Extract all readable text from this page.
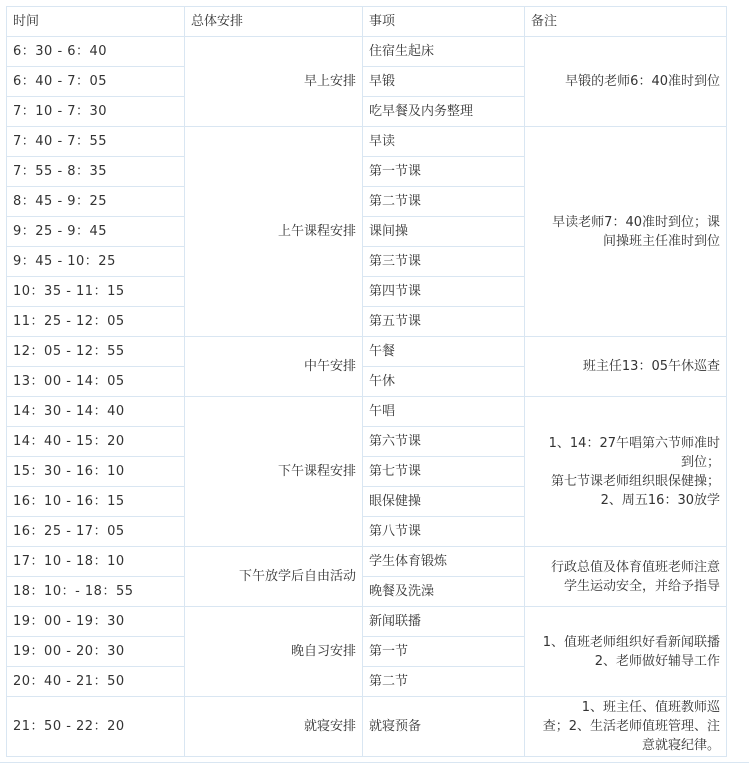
时间	总体安排	事项	备注
6：30 - 6：40	早上安排	住宿生起床	早锻的老师6：40准时到位

6：40 - 7：05		早锻	
7：10 - 7：30		吃早餐及内务整理	
7：40 - 7：55	上午课程安排	早读	早读老师7：40准时到位；课
间操班主任准时到位

7：55 - 8：35		第一节课	
8：45 - 9：25		第二节课	
9：25 - 9：45		课间操	
9：45 - 10：25		第三节课	
10：35 - 11：15		第四节课	
11：25 - 12：05		第五节课	
12：05 - 12：55	中午安排	午餐	班主任13：05午休巡查

13：00 - 14：05		午休	
14：30 - 14：40	下午课程安排	午唱	1、14：27午唱第六节师准时
到位；
第七节课老师组织眼保健操；
2、周五16：30放学

14：40 - 15：20		第六节课	
15：30 - 16：10		第七节课	
16：10 - 16：15		眼保健操	
16：25 - 17：05		第八节课	
17：10 - 18：10	下午放学后自由活动	学生体育锻炼	行政总值及体育值班老师注意
学生运动安全，并给予指导

18：10：- 18：55		晚餐及洗澡	
19：00 - 19：30	晚自习安排	新闻联播	1、值班老师组织好看新闻联播
2、老师做好辅导工作

19：00 - 20：30		第一节	
20：40 - 21：50		第二节	
21：50 - 22：20	就寝安排	就寝预备	1、班主任、值班教师巡
查；2、生活老师值班管理、注
意就寝纪律。
